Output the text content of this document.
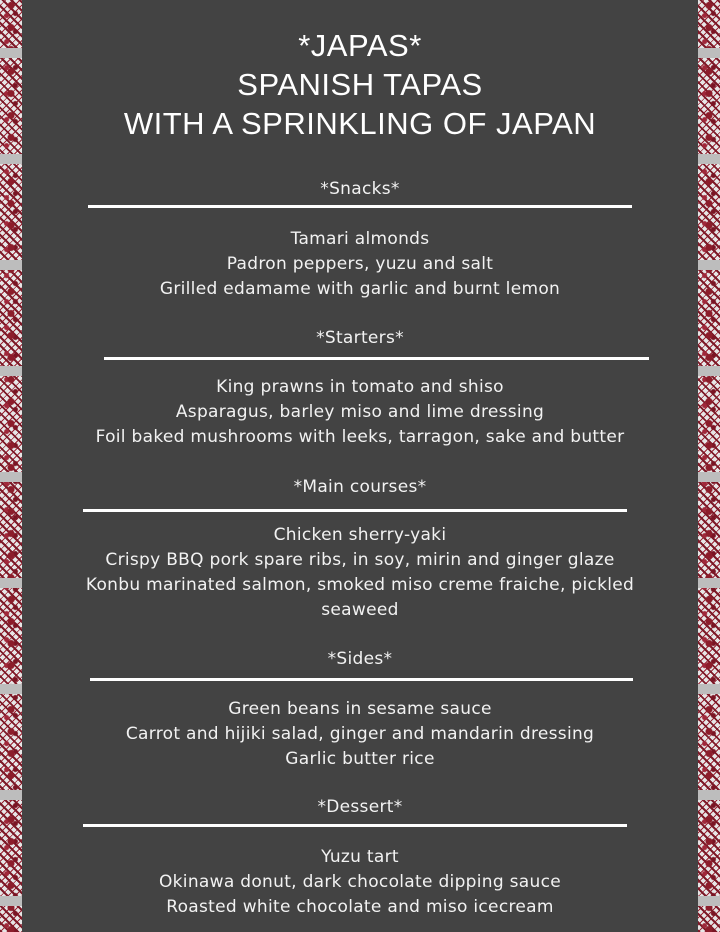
*JAPAS*
SPANISH TAPAS
WITH A SPRINKLING OF JAPAN
*Snacks*
Tamari almonds
Padron peppers, yuzu and salt
Grilled edamame with garlic and burnt lemon
*Starters*
King prawns in tomato and shiso
Asparagus, barley miso and lime dressing
Foil baked mushrooms with leeks, tarragon, sake and butter
*Main courses*
Chicken sherry-yaki
Crispy BBQ pork spare ribs, in soy, mirin and ginger glaze
Konbu marinated salmon, smoked miso creme fraiche, pickled
seaweed
*Sides*
Green beans in sesame sauce
Carrot and hijiki salad, ginger and mandarin dressing
Garlic butter rice
*Dessert*
Yuzu tart
Okinawa donut, dark chocolate dipping sauce
Roasted white chocolate and miso icecream
